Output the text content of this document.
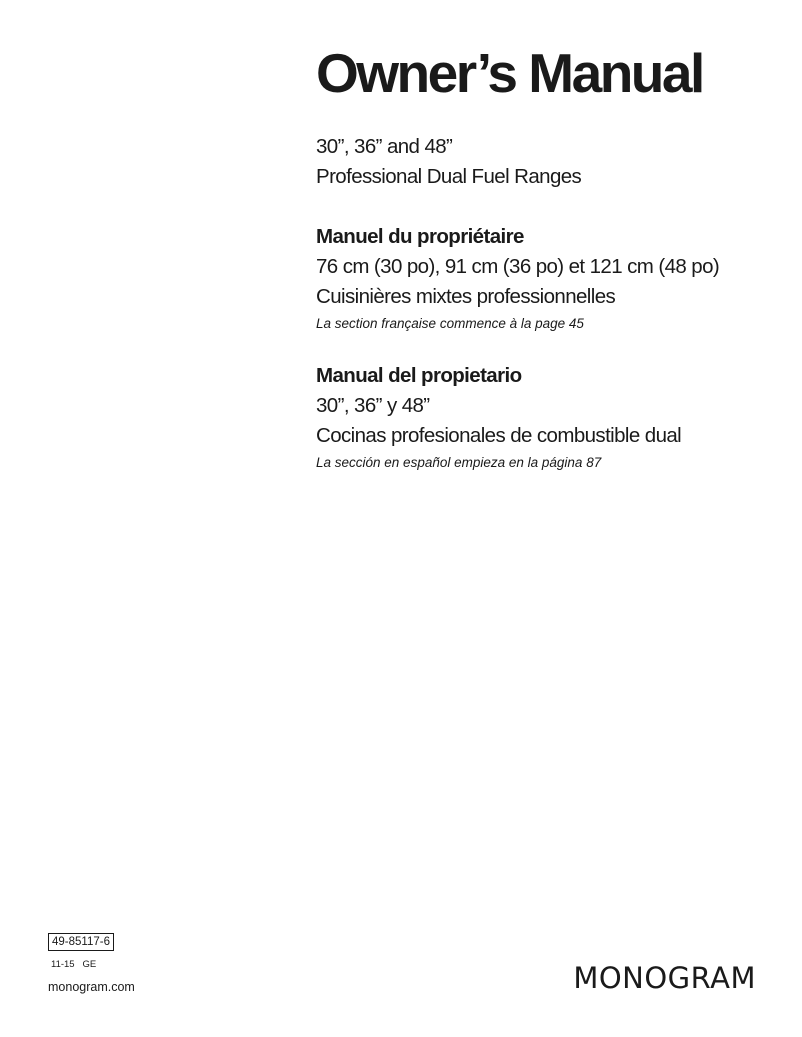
Owner’s Manual

30”, 36” and 48”

Professional Dual Fuel Ranges

Manuel du propriétaire

76 cm (30 po), 91 cm (36 po) et 121 cm (48 po)

Cuisinières mixtes professionnelles

La section française commence à la page 45

Manual del propietario

30”, 36” y 48”

Cocinas profesionales de combustible dual

La sección en español empieza en la página 87

49-85117-6
11-15   GE
monogram.com	MONOGRAM
